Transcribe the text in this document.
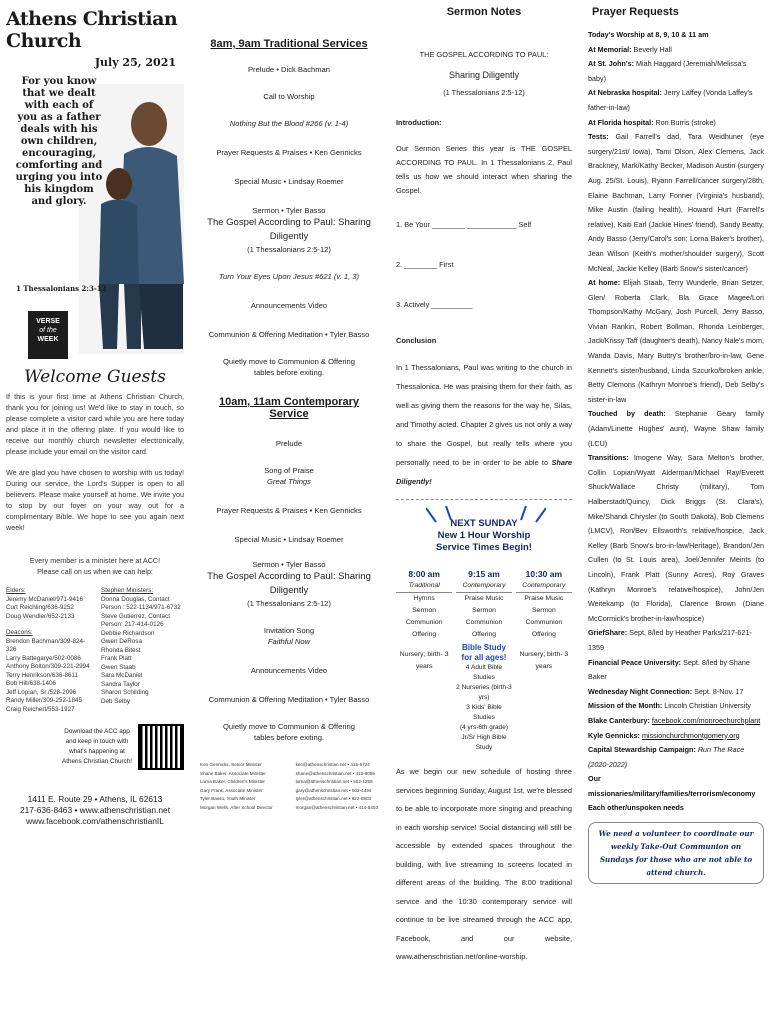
Athens Christian Church
July 25, 2021
For you know that we dealt with each of you as a father deals with his own children, encouraging, comforting and urging you into his kingdom and glory.
1 Thessalonians 2:3-12
VERSE
of the
WEEK
Welcome Guests

If this is your first time at Athens Christian Church, thank you for joining us! We'd like to stay in touch, so please complete a visitor card while you are here today and place it in the offering plate. If you would like to receive our monthly church newsletter electronically, please include your email on the visitor card.

We are glad you have chosen to worship with us today! During our service, the Lord's Supper is open to all believers. Please make yourself at home. We invite you to stop by our foyer on your way out for a complimentary Bible. We hope to see you again next week!

Every member is a minister here at ACC!
Please call on us when we can help:
Elders:
Jeremy McDaniel/971-9416
Curt Reichling/636-9252
Doug Wendler/652-2133
Deacons:
Brendon Bachman/309-824-326
Larry Battegarye/502-0086
Anthony Bolton/309-221-2994
Terry Henrikson/636-8611
Bob Hill/638-1406
Jeff Lopian, Sr./528-2096
Randy Miller/309-252-1845
Craig Reichert/553-1927
Stephen Ministers:
Donna Douglas, Contact
Person : 522-1134/971-6732
Steve Gutierrez, Contact
Person: 217-414-0126
Debbie Richardson
Gwen DeRosa
Rhonda Bitest
Frank Platt
Gwen Staab
Sara McDaniel
Sandra Taylor
Sharon Schilding
Deb Selby
Download the ACC app and keep in touch with what's happening at Athens Christian Church!
1411 E. Route 29 • Athens, IL 62613
217-636-8463 • www.athenschristian.net
www.facebook.com/athenschristianIL
8am, 9am Traditional Services
Prelude • Dick Bachman
Call to Worship
Nothing But the Blood #266 (v. 1-4)
Prayer Requests & Praises • Ken Gennicks
Special Music • Lindsay Roemer
Sermon • Tyler Basso
The Gospel According to Paul: Sharing Diligently
(1 Thessalonians 2:5-12)
Turn Your Eyes Upon Jesus #621 (v. 1, 3)
Announcements Video
Communion & Offering Meditation • Tyler Basso
Quietly move to Communion & Offering tables before exiting.
10am, 11am Contemporary Service
Prelude
Song of Praise
Great Things
Prayer Requests & Praises • Ken Gennicks
Special Music • Lindsay Roemer
Sermon • Tyler Basso
The Gospel According to Paul: Sharing Diligently
(1 Thessalonians 2:5-12)
Invitation Song
Faithful Now
Announcements Video
Communion & Offering Meditation • Tyler Basso
Quietly move to Communion & Offering tables before exiting.
Ken Gennicks, Senior Minister
Shane Baker, Associate Minister
Lorna Baker, Children's Minister
Gary Frank, Associate Minister
Tyler Basso, Youth Minister
Morgan Wells, After School Director
ken@athenschristian.net • 415-5724
shane@athenschristian.net • 415-9055
lorna@athenschristian.net • 502-1256
gary@athenschristian.net • 502-4494
tyler@athenschristian.net • 622-0803
morgan@athenschristian.net • 414-5403
Sermon Notes
THE GOSPEL ACCORDING TO PAUL:
Sharing Diligently
(1 Thessalonians 2:5-12)
Introduction:
Our Sermon Series this year is THE GOSPEL ACCORDING TO PAUL. In 1 Thessalonians 2, Paul tells us how we should interact when sharing the Gospel.
1. Be Your ________ ____________ Self
2. ________ First
3. Actively __________
Conclusion
In 1 Thessalonians, Paul was writing to the church in Thessalonica. He was praising them for their faith, as well as giving them the reasons for the way he, Silas, and Timothy acted. Chapter 2 gives us not only a way to share the Gospel, but really tells where you personally need to be in order to be able to Share Diligently!
NEXT SUNDAY
New 1 Hour Worship
Service Times Begin!
8:00 am
Traditional
Hymns
Sermon
Communion
Offering
Nursery; birth- 3 years
9:15 am
Contemporary
Praise Music
Sermon
Communion
Offering
Bible Study for all ages!
4 Adult Bible Studies
2 Nurseries (birth-3 yrs)
3 Kids' Bible Studies
(4 yrs-6th grade)
Jr/Sr High Bible Study
10:30 am
Contemporary
Praise Music
Sermon
Communion
Offering
Nursery; birth- 3 years
As we begin our new schedule of hosting three services beginning Sunday, August 1st, we're blessed to be able to incorporate more singing and preaching in each worship service! Social distancing will still be accessible by extended spaces throughout the building, with live streaming to screens located in different areas of the building. The 8:00 traditional service and the 10:30 contemporary service will continue to be live streamed through the ACC app, Facebook, and our website, www.athenschristian.net/online-worship.
Prayer Requests
Today's Worship at 8, 9, 10 & 11 am
At Memorial: Beverly Hall
At St. John's: Miah Haggard (Jeremiah/Melissa's baby)
At Nebraska hospital: Jerry Laffey (Vonda Laffey's father-in-law)
At Florida hospital: Ron Burris (stroke)
Tests: Gail Farrell's dad, Tara Weidhuner (eye surgery/21st/ Iowa), Tami Olson, Alex Clemens, Jack Brackney, Mark/Kathy Becker, Madison Austin (surgery Aug. 25/St. Louis), Ryann Farrell/cancer surgery/28th, Elaine Bachman, Larry Fonner (Virginia's husband), Mike Austin (failing health), Howard Hurt (Farrell's relative), Kaiti Earl (Jackie Hines' friend), Sandy Beatty, Andy Basso (Jerry/Carol's son; Lorna Baker's brother), Jean Wilson (Keith's mother/shoulder surgery), Scott McNeal, Jackie Kelley (Barb Snow's sister/cancer)
At home: Elijah Staab, Terry Wunderle, Brian Setzer, Glen/ Roberta Clark, Bla Grace Magee/Lori Thompson/Kathy McGary, Josh Purcell, Jerry Basso, Vivian Rankin, Robert Bollman, Rhonda Leinberger, Jack/Krissy Taff (daughter's death), Nancy Nale's mom, Wanda Davis, Mary Buttry's brother/bro-in-law, Gene Kennett's sister/husband, Linda Szcurko/broken ankle, Betty Clemons (Kathryn Monroe's friend), Deb Selby's sister-in-law
Touched by death: Stephanie Geary family (Adam/Linette Hughes' aunt), Wayne Shaw family (LCU)
Transitions: Imogene Way, Sara Melton's brother, Collin Lopian/Wyatt Alderman/Michael Ray/Everett Shuck/Wallace Christy (military), Tom Halberstadt/Quincy, Dick Briggs (St. Clara's), Mike/Shandi Chrysler (to South Dakota), Bob Clemens (LMCV), Ron/Bev Ellsworth's relative/hospice, Jack Kelley (Barb Snow's bro-in-law/Heritage), Brandon/Jen Cullen (to St. Louis area), Joel/Jennifer Meints (to Lincoln), Frank Platt (Sunny Acres), Roy Graves (Kathryn Monroe's relative/hospice), John/Jen Weitekamp (to Florida), Clarence Brown (Diane McCormick's brother-in-law/hospice)
GriefShare: Sept. 8/led by Heather Parks/217-621-1359
Financial Peace University: Sept. 8/led by Shane Baker
Wednesday Night Connection: Sept. 8-Nov. 17
Mission of the Month: Lincoln Christian University
Blake Canterbury: facebook.com/monroechurchplant
Kyle Gennicks: missionchurchmontgomery.org
Capital Stewardship Campaign: Run The Race (2020-2022)
Our missionaries/military/families/terrorism/economy
Each other/unspoken needs
We need a volunteer to coordinate our weekly Take-Out Communion on Sundays for those who are not able to attend church.
